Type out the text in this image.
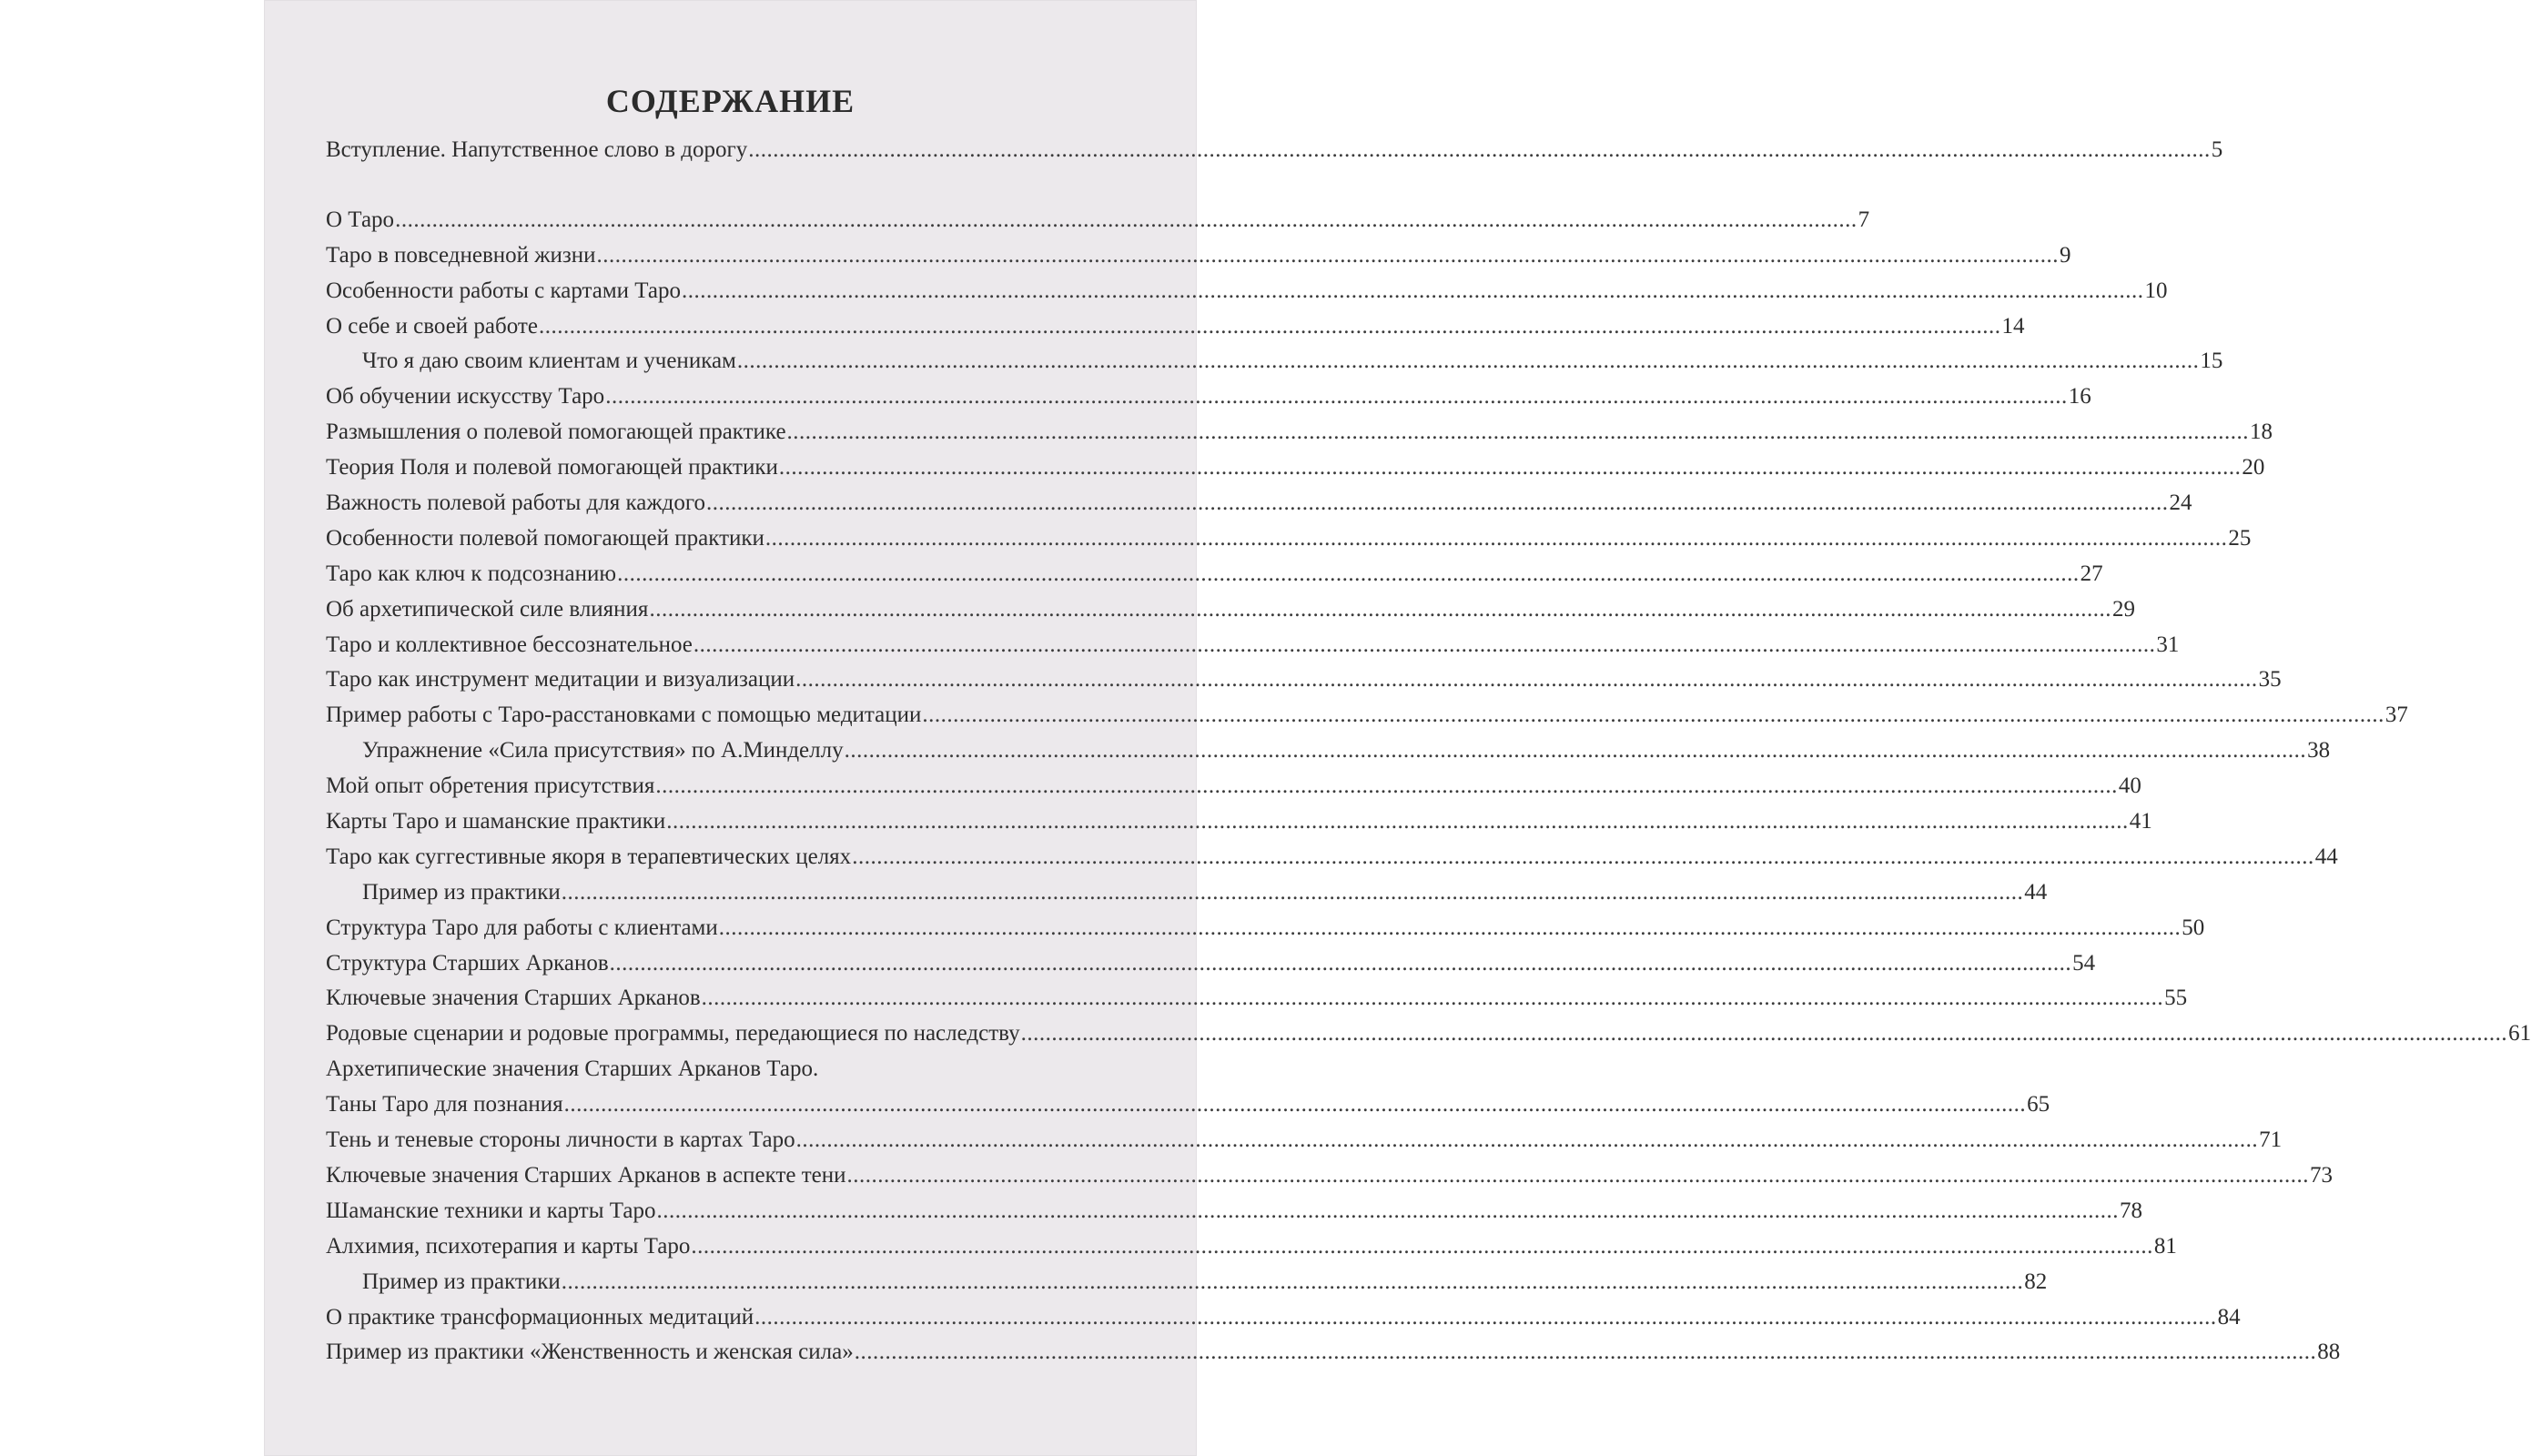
СОДЕРЖАНИЕ
Вступление. Напутственное слово в дорогу .....	5
О Таро .....	7
Таро в повседневной жизни .....	9
Особенности работы с картами Таро .....	10
О себе и своей работе .....	14
Что я даю своим клиентам и ученикам .....	15
Об обучении искусству Таро .....	16
Размышления о полевой помогающей практике .....	18
Теория Поля и полевой помогающей практики .....	20
Важность полевой работы для каждого .....	24
Особенности полевой помогающей практики .....	25
Таро как ключ к подсознанию .....	27
Об архетипической силе влияния .....	29
Таро и коллективное бессознательное .....	31
Таро как инструмент медитации и визуализации .....	35
Пример работы с Таро-расстановками с помощью медитации .....	37
Упражнение «Сила присутствия» по А.Минделлу .....	38
Мой опыт обретения присутствия .....	40
Карты Таро и шаманские практики .....	41
Таро как суггестивные якоря в терапевтических целях .....	44
Пример из практики .....	44
Структура Таро для работы с клиентами .....	50
Структура Старших Арканов .....	54
Ключевые значения Старших Арканов .....	55
Родовые сценарии и родовые программы, передающиеся по наследству	..... .... 61
Архетипические значения Старших Арканов Таро.
Таны Таро для познания .....	65
Тень и теневые стороны личности в картах Таро .....	71
Ключевые значения Старших Арканов в аспекте тени .....	73
Шаманские техники и карты Таро .....	78
Алхимия, психотерапия и карты Таро .....	81
Пример из практики .....	82
О практике трансформационных медитаций .....	84
Пример из практики «Женственность и женская сила» .....	88
